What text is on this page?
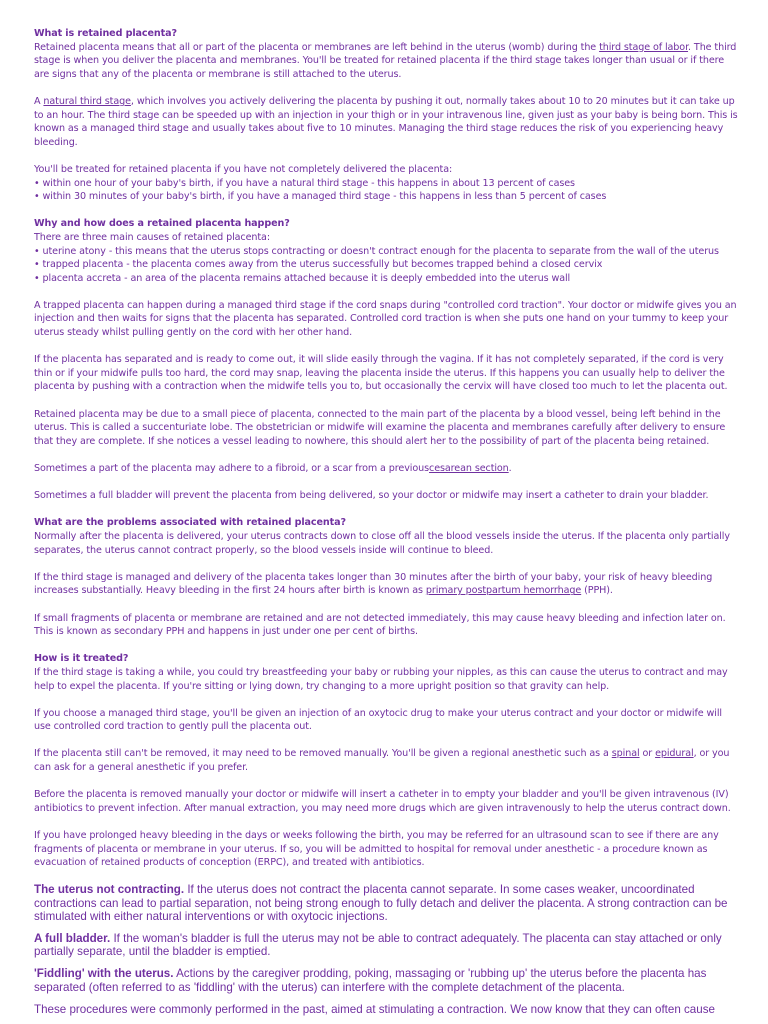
What is retained placenta?

Retained placenta means that all or part of the placenta or membranes are left behind in the uterus (womb) during the third stage of labor. The third stage is when you deliver the placenta and membranes. You'll be treated for retained placenta if the third stage takes longer than usual or if there are signs that any of the placenta or membrane is still attached to the uterus.

A natural third stage, which involves you actively delivering the placenta by pushing it out, normally takes about 10 to 20 minutes but it can take up to an hour. The third stage can be speeded up with an injection in your thigh or in your intravenous line, given just as your baby is being born. This is known as a managed third stage and usually takes about five to 10 minutes. Managing the third stage reduces the risk of you experiencing heavy bleeding.

You'll be treated for retained placenta if you have not completely delivered the placenta:
• within one hour of your baby's birth, if you have a natural third stage - this happens in about 13 percent of cases
• within 30 minutes of your baby's birth, if you have a managed third stage - this happens in less than 5 percent of cases

Why and how does a retained placenta happen?

There are three main causes of retained placenta:
• uterine atony - this means that the uterus stops contracting or doesn't contract enough for the placenta to separate from the wall of the uterus
• trapped placenta - the placenta comes away from the uterus successfully but becomes trapped behind a closed cervix
• placenta accreta - an area of the placenta remains attached because it is deeply embedded into the uterus wall

A trapped placenta can happen during a managed third stage if the cord snaps during "controlled cord traction". Your doctor or midwife gives you an injection and then waits for signs that the placenta has separated. Controlled cord traction is when she puts one hand on your tummy to keep your uterus steady whilst pulling gently on the cord with her other hand.

If the placenta has separated and is ready to come out, it will slide easily through the vagina. If it has not completely separated, if the cord is very thin or if your midwife pulls too hard, the cord may snap, leaving the placenta inside the uterus. If this happens you can usually help to deliver the placenta by pushing with a contraction when the midwife tells you to, but occasionally the cervix will have closed too much to let the placenta out.

Retained placenta may be due to a small piece of placenta, connected to the main part of the placenta by a blood vessel, being left behind in the uterus. This is called a succenturiate lobe. The obstetrician or midwife will examine the placenta and membranes carefully after delivery to ensure that they are complete. If she notices a vessel leading to nowhere, this should alert her to the possibility of part of the placenta being retained.

Sometimes a part of the placenta may adhere to a fibroid, or a scar from a previouscesarean section.

Sometimes a full bladder will prevent the placenta from being delivered, so your doctor or midwife may insert a catheter to drain your bladder.

What are the problems associated with retained placenta?

Normally after the placenta is delivered, your uterus contracts down to close off all the blood vessels inside the uterus. If the placenta only partially separates, the uterus cannot contract properly, so the blood vessels inside will continue to bleed.

If the third stage is managed and delivery of the placenta takes longer than 30 minutes after the birth of your baby, your risk of heavy bleeding increases substantially. Heavy bleeding in the first 24 hours after birth is known as primary postpartum hemorrhage (PPH).

If small fragments of placenta or membrane are retained and are not detected immediately, this may cause heavy bleeding and infection later on. This is known as secondary PPH and happens in just under one per cent of births.

How is it treated?

If the third stage is taking a while, you could try breastfeeding your baby or rubbing your nipples, as this can cause the uterus to contract and may help to expel the placenta. If you're sitting or lying down, try changing to a more upright position so that gravity can help.

If you choose a managed third stage, you'll be given an injection of an oxytocic drug to make your uterus contract and your doctor or midwife will use controlled cord traction to gently pull the placenta out.

If the placenta still can't be removed, it may need to be removed manually. You'll be given a regional anesthetic such as a spinal or epidural, or you can ask for a general anesthetic if you prefer.

Before the placenta is removed manually your doctor or midwife will insert a catheter in to empty your bladder and you'll be given intravenous (IV) antibiotics to prevent infection. After manual extraction, you may need more drugs which are given intravenously to help the uterus contract down.

If you have prolonged heavy bleeding in the days or weeks following the birth, you may be referred for an ultrasound scan to see if there are any fragments of placenta or membrane in your uterus. If so, you will be admitted to hospital for removal under anesthetic - a procedure known as evacuation of retained products of conception (ERPC), and treated with antibiotics.

The uterus not contracting. If the uterus does not contract the placenta cannot separate. In some cases weaker, uncoordinated contractions can lead to partial separation, not being strong enough to fully detach and deliver the placenta. A strong contraction can be stimulated with either natural interventions or with oxytocic injections.

A full bladder. If the woman's bladder is full the uterus may not be able to contract adequately. The placenta can stay attached or only partially separate, until the bladder is emptied.

'Fiddling' with the uterus. Actions by the caregiver prodding, poking, massaging or 'rubbing up' the uterus before the placenta has separated (often referred to as 'fiddling' with the uterus) can interfere with the complete detachment of the placenta.

These procedures were commonly performed in the past, aimed at stimulating a contraction. We now know that they can often cause
